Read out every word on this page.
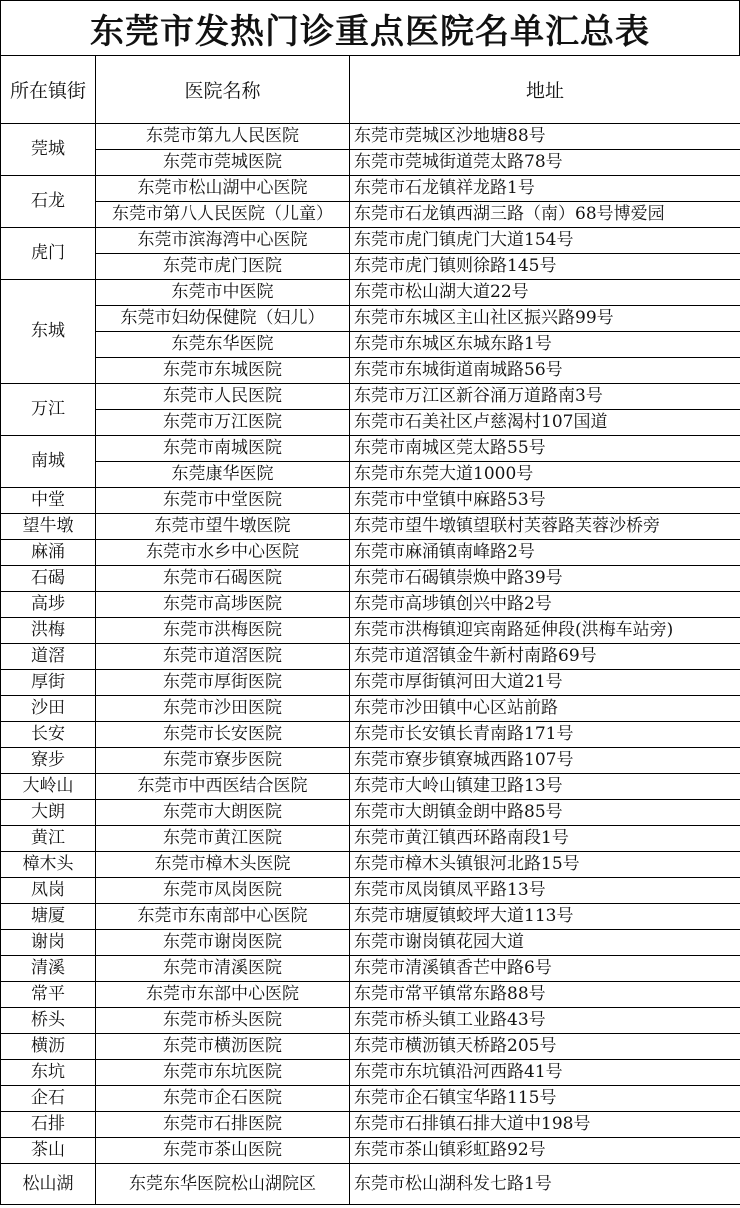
东莞市发热门诊重点医院名单汇总表
所在镇街	医院名称	地址
莞城	东莞市第九人民医院	东莞市莞城区沙地塘88号
	东莞市莞城医院	东莞市莞城街道莞太路78号
石龙	东莞市松山湖中心医院	东莞市石龙镇祥龙路1号
	东莞市第八人民医院（儿童）	东莞市石龙镇西湖三路（南）68号博爱园
虎门	东莞市滨海湾中心医院	东莞市虎门镇虎门大道154号
	东莞市虎门医院	东莞市虎门镇则徐路145号
东城	东莞市中医院	东莞市松山湖大道22号
	东莞市妇幼保健院（妇儿）	东莞市东城区主山社区振兴路99号
	东莞东华医院	东莞市东城区东城东路1号
	东莞市东城医院	东莞市东城街道南城路56号
万江	东莞市人民医院	东莞市万江区新谷涌万道路南3号
	东莞市万江医院	东莞市石美社区卢慈渴村107国道
南城	东莞市南城医院	东莞市南城区莞太路55号
	东莞康华医院	东莞市东莞大道1000号
中堂	东莞市中堂医院	东莞市中堂镇中麻路53号
望牛墩	东莞市望牛墩医院	东莞市望牛墩镇望联村芙蓉路芙蓉沙桥旁
麻涌	东莞市水乡中心医院	东莞市麻涌镇南峰路2号
石碣	东莞市石碣医院	东莞市石碣镇崇焕中路39号
高埗	东莞市高埗医院	东莞市高埗镇创兴中路2号
洪梅	东莞市洪梅医院	东莞市洪梅镇迎宾南路延伸段(洪梅车站旁)
道滘	东莞市道滘医院	东莞市道滘镇金牛新村南路69号
厚街	东莞市厚街医院	东莞市厚街镇河田大道21号
沙田	东莞市沙田医院	东莞市沙田镇中心区站前路
长安	东莞市长安医院	东莞市长安镇长青南路171号
寮步	东莞市寮步医院	东莞市寮步镇寮城西路107号
大岭山	东莞市中西医结合医院	东莞市大岭山镇建卫路13号
大朗	东莞市大朗医院	东莞市大朗镇金朗中路85号
黄江	东莞市黄江医院	东莞市黄江镇西环路南段1号
樟木头	东莞市樟木头医院	东莞市樟木头镇银河北路15号
凤岗	东莞市凤岗医院	东莞市凤岗镇凤平路13号
塘厦	东莞市东南部中心医院	东莞市塘厦镇蛟坪大道113号
谢岗	东莞市谢岗医院	东莞市谢岗镇花园大道
清溪	东莞市清溪医院	东莞市清溪镇香芒中路6号
常平	东莞市东部中心医院	东莞市常平镇常东路88号
桥头	东莞市桥头医院	东莞市桥头镇工业路43号
横沥	东莞市横沥医院	东莞市横沥镇天桥路205号
东坑	东莞市东坑医院	东莞市东坑镇沿河西路41号
企石	东莞市企石医院	东莞市企石镇宝华路115号
石排	东莞市石排医院	东莞市石排镇石排大道中198号
茶山	东莞市茶山医院	东莞市茶山镇彩虹路92号
松山湖	东莞东华医院松山湖院区	东莞市松山湖科发七路1号
